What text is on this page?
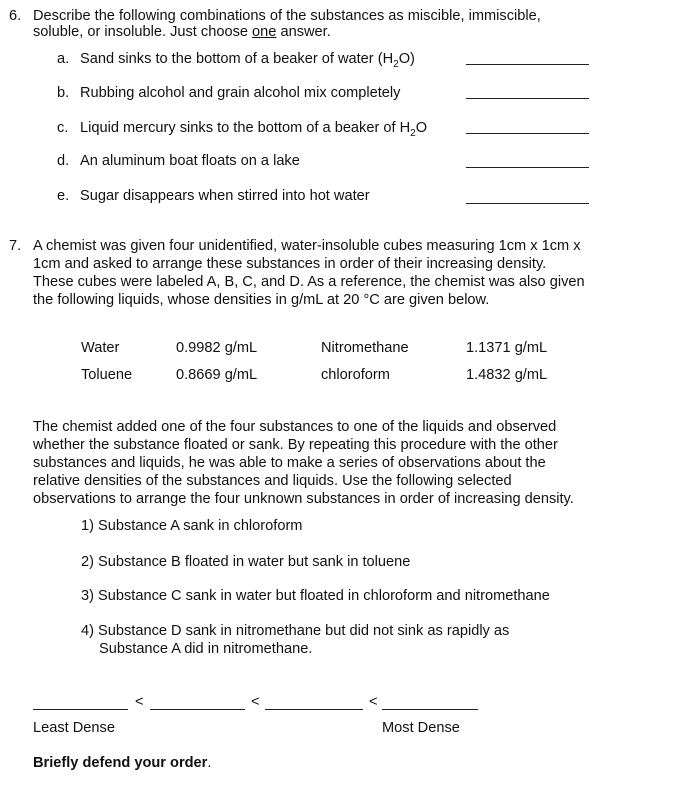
6. Describe the following combinations of the substances as miscible, immiscible,
soluble, or insoluble. Just choose one answer.
a. Sand sinks to the bottom of a beaker of water $(H_2O)$
b. Rubbing alcohol and grain alcohol mix completely
c. Liquid mercury sinks to the bottom of a beaker of $H_2O$
d. An aluminum boat floats on a lake
e. Sugar disappears when stirred into hot water
7. A chemist was given four unidentified, water-insoluble cubes measuring 1cm x 1cm x
1cm and asked to arrange these substances in order of their increasing density.
These cubes were labeled A, B, C, and D. As a reference, the chemist was also given
the following liquids, whose densities in g/mL at 20 °C are given below.
Water	0.9982 g/mL	Nitromethane	1.1371 g/mL
Toluene	0.8669 g/mL	chloroform	1.4832 g/mL
The chemist added one of the four substances to one of the liquids and observed
whether the substance floated or sank. By repeating this procedure with the other
substances and liquids, he was able to make a series of observations about the
relative densities of the substances and liquids. Use the following selected
observations to arrange the four unknown substances in order of increasing density.
1) Substance A sank in chloroform
2) Substance B floated in water but sank in toluene
3) Substance C sank in water but floated in chloroform and nitromethane
4) Substance D sank in nitromethane but did not sink as rapidly as
Substance A did in nitromethane.
<	<	<
Least Dense	Most Dense
Briefly defend your order.
